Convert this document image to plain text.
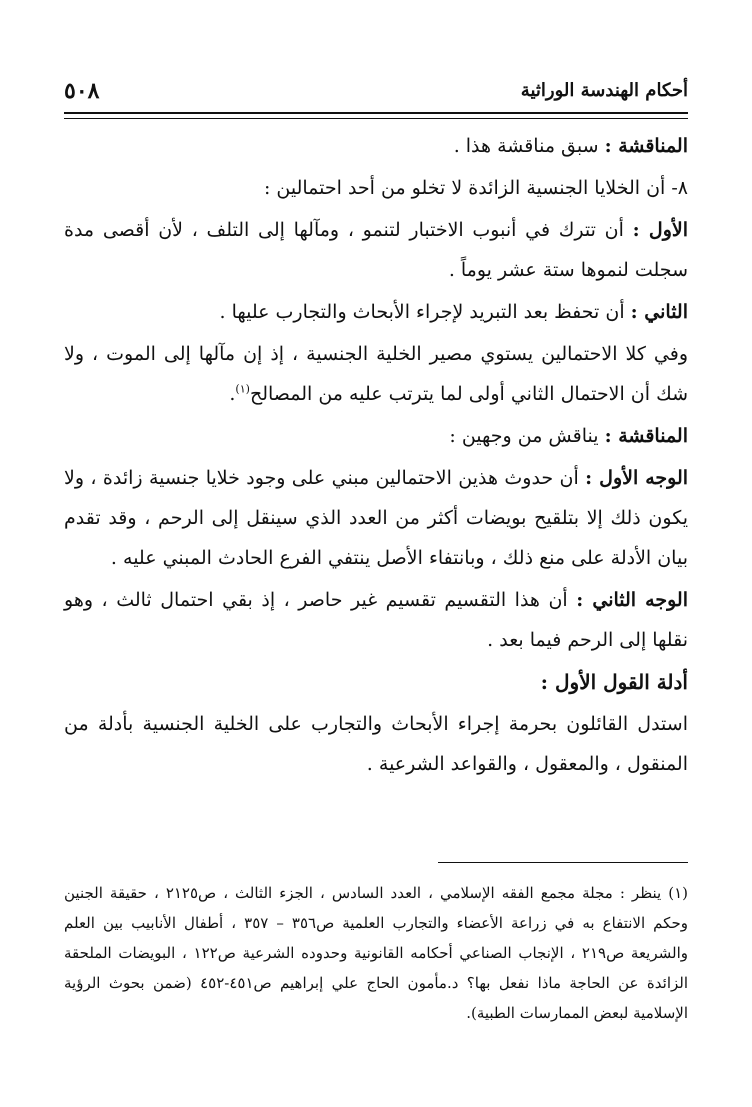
أحكام الهندسة الوراثية
٥٠٨

المناقشة : سبق مناقشة هذا .

٨- أن الخلايا الجنسية الزائدة لا تخلو من أحد احتمالين :

الأول : أن تترك في أنبوب الاختبار لتنمو ، ومآلها إلى التلف ، لأن أقصى مدة سجلت لنموها ستة عشر يوماً .

الثاني : أن تحفظ بعد التبريد لإجراء الأبحاث والتجارب عليها .

وفي كلا الاحتمالين يستوي مصير الخلية الجنسية ، إذ إن مآلها إلى الموت ، ولا شك أن الاحتمال الثاني أولى لما يترتب عليه من المصالح$^{(١)}$.

المناقشة : يناقش من وجهين :

الوجه الأول : أن حدوث هذين الاحتمالين مبني على وجود خلايا جنسية زائدة ، ولا يكون ذلك إلا بتلقيح بويضات أكثر من العدد الذي سينقل إلى الرحم ، وقد تقدم بيان الأدلة على منع ذلك ، وبانتفاء الأصل ينتفي الفرع الحادث المبني عليه .

الوجه الثاني : أن هذا التقسيم تقسيم غير حاصر ، إذ بقي احتمال ثالث ، وهو نقلها إلى الرحم فيما بعد .

أدلة القول الأول :

استدل القائلون بحرمة إجراء الأبحاث والتجارب على الخلية الجنسية بأدلة من المنقول ، والمعقول ، والقواعد الشرعية .

(١) ينظر : مجلة مجمع الفقه الإسلامي ، العدد السادس ، الجزء الثالث ، ص٢١٢٥ ، حقيقة الجنين وحكم الانتفاع به في زراعة الأعضاء والتجارب العلمية ص٣٥٦ – ٣٥٧ ، أطفال الأنابيب بين العلم والشريعة ص٢١٩ ، الإنجاب الصناعي أحكامه القانونية وحدوده الشرعية ص١٢٢ ، البويضات الملحقة الزائدة عن الحاجة ماذا نفعل بها؟ د.مأمون الحاج علي إبراهيم ص٤٥١-٤٥٢ (ضمن بحوث الرؤية الإسلامية لبعض الممارسات الطبية).
